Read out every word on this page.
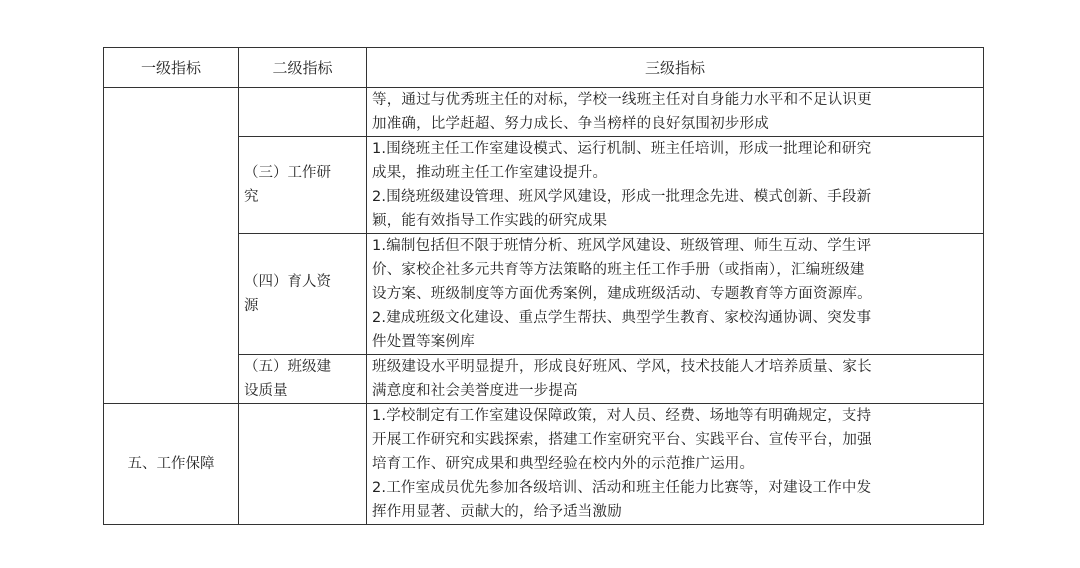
一级指标	二级指标	三级指标

		等，通过与优秀班主任的对标，学校一线班主任对自身能力水平和不足认识更
加准确，比学赶超、努力成长、争当榜样的良好氛围初步形成

	（三）工作研
究	1.围绕班主任工作室建设模式、运行机制、班主任培训，形成一批理论和研究
成果，推动班主任工作室建设提升。
2.围绕班级建设管理、班风学风建设，形成一批理念先进、模式创新、手段新
颖，能有效指导工作实践的研究成果

	（四）育人资
源	1.编制包括但不限于班情分析、班风学风建设、班级管理、师生互动、学生评
价、家校企社多元共育等方法策略的班主任工作手册（或指南），汇编班级建
设方案、班级制度等方面优秀案例，建成班级活动、专题教育等方面资源库。
2.建成班级文化建设、重点学生帮扶、典型学生教育、家校沟通协调、突发事
件处置等案例库

	（五）班级建
设质量	班级建设水平明显提升，形成良好班风、学风，技术技能人才培养质量、家长
满意度和社会美誉度进一步提高

五、工作保障		1.学校制定有工作室建设保障政策，对人员、经费、场地等有明确规定，支持
开展工作研究和实践探索，搭建工作室研究平台、实践平台、宣传平台，加强
培育工作、研究成果和典型经验在校内外的示范推广运用。
2.工作室成员优先参加各级培训、活动和班主任能力比赛等，对建设工作中发
挥作用显著、贡献大的，给予适当激励
